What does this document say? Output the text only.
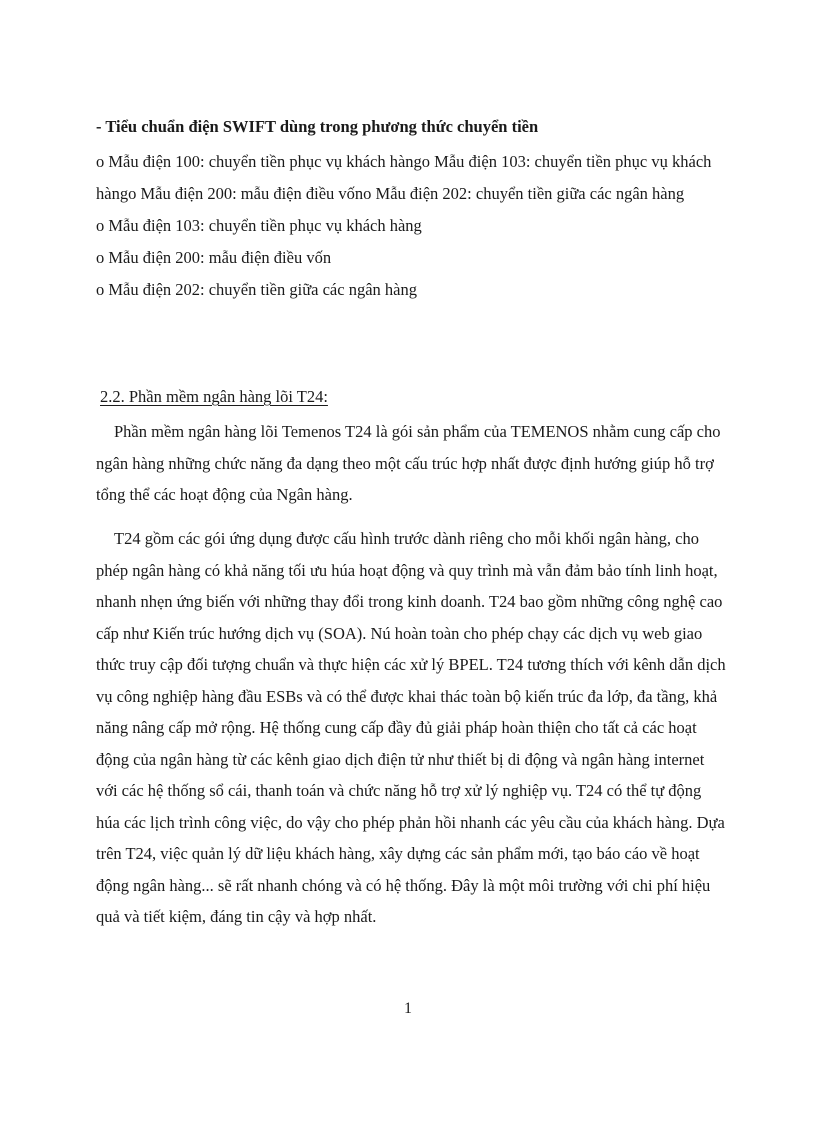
- Tiểu chuẩn điện SWIFT dùng trong phương thức chuyển tiền

o Mẫu điện 100: chuyển tiền phục vụ khách hàngo Mẫu điện 103: chuyển tiền phục vụ khách hàngo Mẫu điện 200: mẫu điện điều vốno Mẫu điện 202: chuyển tiền giữa các ngân hàng

o Mẫu điện 103: chuyển tiền phục vụ khách hàng

o Mẫu điện 200: mẫu điện điều vốn

o Mẫu điện 202: chuyển tiền giữa các ngân hàng

2.2. Phần mềm ngân hàng lõi T24:

Phần mềm ngân hàng lõi Temenos T24 là gói sản phẩm của TEMENOS nhằm cung cấp cho ngân hàng những chức năng đa dạng theo một cấu trúc hợp nhất được định hướng giúp hỗ trợ tổng thể các hoạt động của Ngân hàng.

T24 gồm các gói ứng dụng được cấu hình trước dành riêng cho mỗi khối ngân hàng, cho phép ngân hàng có khả năng tối ưu húa hoạt động và quy trình mà vẫn đảm bảo tính linh hoạt, nhanh nhẹn ứng biến với những thay đổi trong kinh doanh. T24 bao gồm những công nghệ cao cấp như Kiến trúc hướng dịch vụ (SOA). Nú hoàn toàn cho phép chạy các dịch vụ web giao thức truy cập đối tượng chuẩn và thực hiện các xử lý BPEL. T24 tương thích với kênh dẫn dịch vụ công nghiệp hàng đầu ESBs và có thể được khai thác toàn bộ kiến trúc đa lớp, đa tầng, khả năng nâng cấp mở rộng. Hệ thống cung cấp đầy đủ giải pháp hoàn thiện cho tất cả các hoạt động của ngân hàng từ các kênh giao dịch điện tử như thiết bị di động và ngân hàng internet với các hệ thống sổ cái, thanh toán và chức năng hỗ trợ xử lý nghiệp vụ. T24 có thể tự động húa các lịch trình công việc, do vậy cho phép phản hồi nhanh các yêu cầu của khách hàng. Dựa trên T24, việc quản lý dữ liệu khách hàng, xây dựng các sản phẩm mới, tạo báo cáo về hoạt động ngân hàng... sẽ rất nhanh chóng và có hệ thống. Đây là một môi trường với chi phí hiệu quả và tiết kiệm, đáng tin cậy và hợp nhất.

1
